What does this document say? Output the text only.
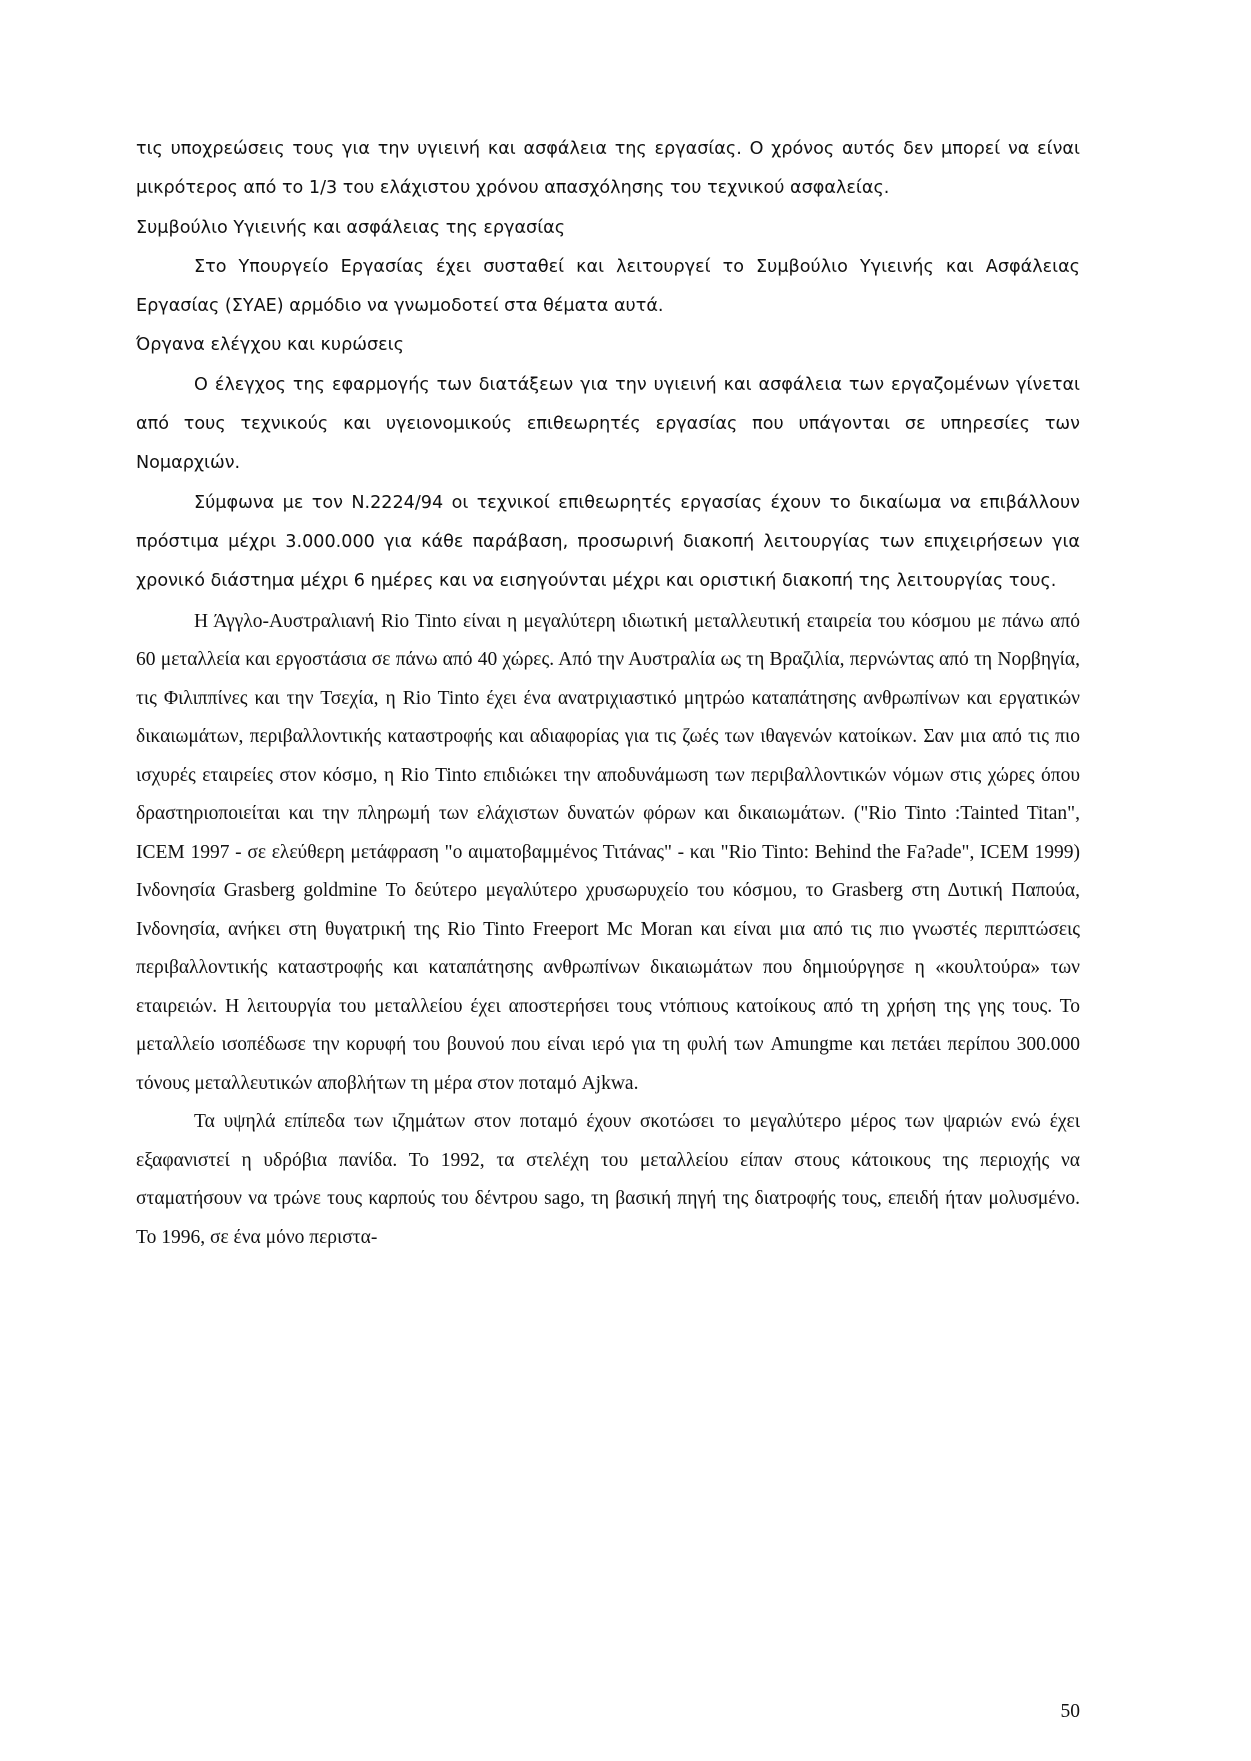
τις υποχρεώσεις τους για την υγιεινή και ασφάλεια της εργασίας. Ο χρόνος αυτός δεν μπορεί να είναι μικρότερος από το 1/3 του ελάχιστου χρόνου απασχόλησης του τεχνικού ασφαλείας.

Συμβούλιο Υγιεινής και ασφάλειας της εργασίας

Στο Υπουργείο Εργασίας έχει συσταθεί και λειτουργεί το Συμβούλιο Υγιεινής και Ασφάλειας Εργασίας (ΣΥΑΕ) αρμόδιο να γνωμοδοτεί στα θέματα αυτά.

Όργανα ελέγχου και κυρώσεις

Ο έλεγχος της εφαρμογής των διατάξεων για την υγιεινή και ασφάλεια των εργαζομένων γίνεται από τους τεχνικούς και υγειονομικούς επιθεωρητές εργασίας που υπάγονται σε υπηρεσίες των Νομαρχιών.

Σύμφωνα με τον Ν.2224/94 οι τεχνικοί επιθεωρητές εργασίας έχουν το δικαίωμα να επιβάλλουν πρόστιμα μέχρι 3.000.000 για κάθε παράβαση, προσωρινή διακοπή λειτουργίας των επιχειρήσεων για χρονικό διάστημα μέχρι 6 ημέρες και να εισηγούνται μέχρι και οριστική διακοπή της λειτουργίας τους.

Η Άγγλο-Αυστραλιανή Rio Tinto είναι η μεγαλύτερη ιδιωτική μεταλλευτική εταιρεία του κόσμου με πάνω από 60 μεταλλεία και εργοστάσια σε πάνω από 40 χώρες. Από την Αυστραλία ως τη Βραζιλία, περνώντας από τη Νορβηγία, τις Φιλιππίνες και την Τσεχία, η Rio Tinto έχει ένα ανατριχιαστικό μητρώο καταπάτησης ανθρωπίνων και εργατικών δικαιωμάτων, περιβαλλοντικής καταστροφής και αδιαφορίας για τις ζωές των ιθαγενών κατοίκων. Σαν μια από τις πιο ισχυρές εταιρείες στον κόσμο, η Rio Tinto επιδιώκει την αποδυνάμωση των περιβαλλοντικών νόμων στις χώρες όπου δραστηριοποιείται και την πληρωμή των ελάχιστων δυνατών φόρων και δικαιωμάτων. ("Rio Tinto :Tainted Titan", ICEM 1997 - σε ελεύθερη μετάφραση "ο αιματοβαμμένος Τιτάνας" - και "Rio Tinto: Behind the Fa?ade", ICEM 1999) Ινδονησία Grasberg goldmine Το δεύτερο μεγαλύτερο χρυσωρυχείο του κόσμου, το Grasberg στη Δυτική Παπούα, Ινδονησία, ανήκει στη θυγατρική της Rio Tinto Freeport Mc Moran και είναι μια από τις πιο γνωστές περιπτώσεις περιβαλλοντικής καταστροφής και καταπάτησης ανθρωπίνων δικαιωμάτων που δημιούργησε η «κουλτούρα» των εταιρειών. Η λειτουργία του μεταλλείου έχει αποστερήσει τους ντόπιους κατοίκους από τη χρήση της γης τους. Το μεταλλείο ισοπέδωσε την κορυφή του βουνού που είναι ιερό για τη φυλή των Amungme και πετάει περίπου 300.000 τόνους μεταλλευτικών αποβλήτων τη μέρα στον ποταμό Ajkwa.

Τα υψηλά επίπεδα των ιζημάτων στον ποταμό έχουν σκοτώσει το μεγαλύτερο μέρος των ψαριών ενώ έχει εξαφανιστεί η υδρόβια πανίδα. Το 1992, τα στελέχη του μεταλλείου είπαν στους κάτοικους της περιοχής να σταματήσουν να τρώνε τους καρπούς του δέντρου sago, τη βασική πηγή της διατροφής τους, επειδή ήταν μολυσμένο. Το 1996, σε ένα μόνο περιστα-

50
